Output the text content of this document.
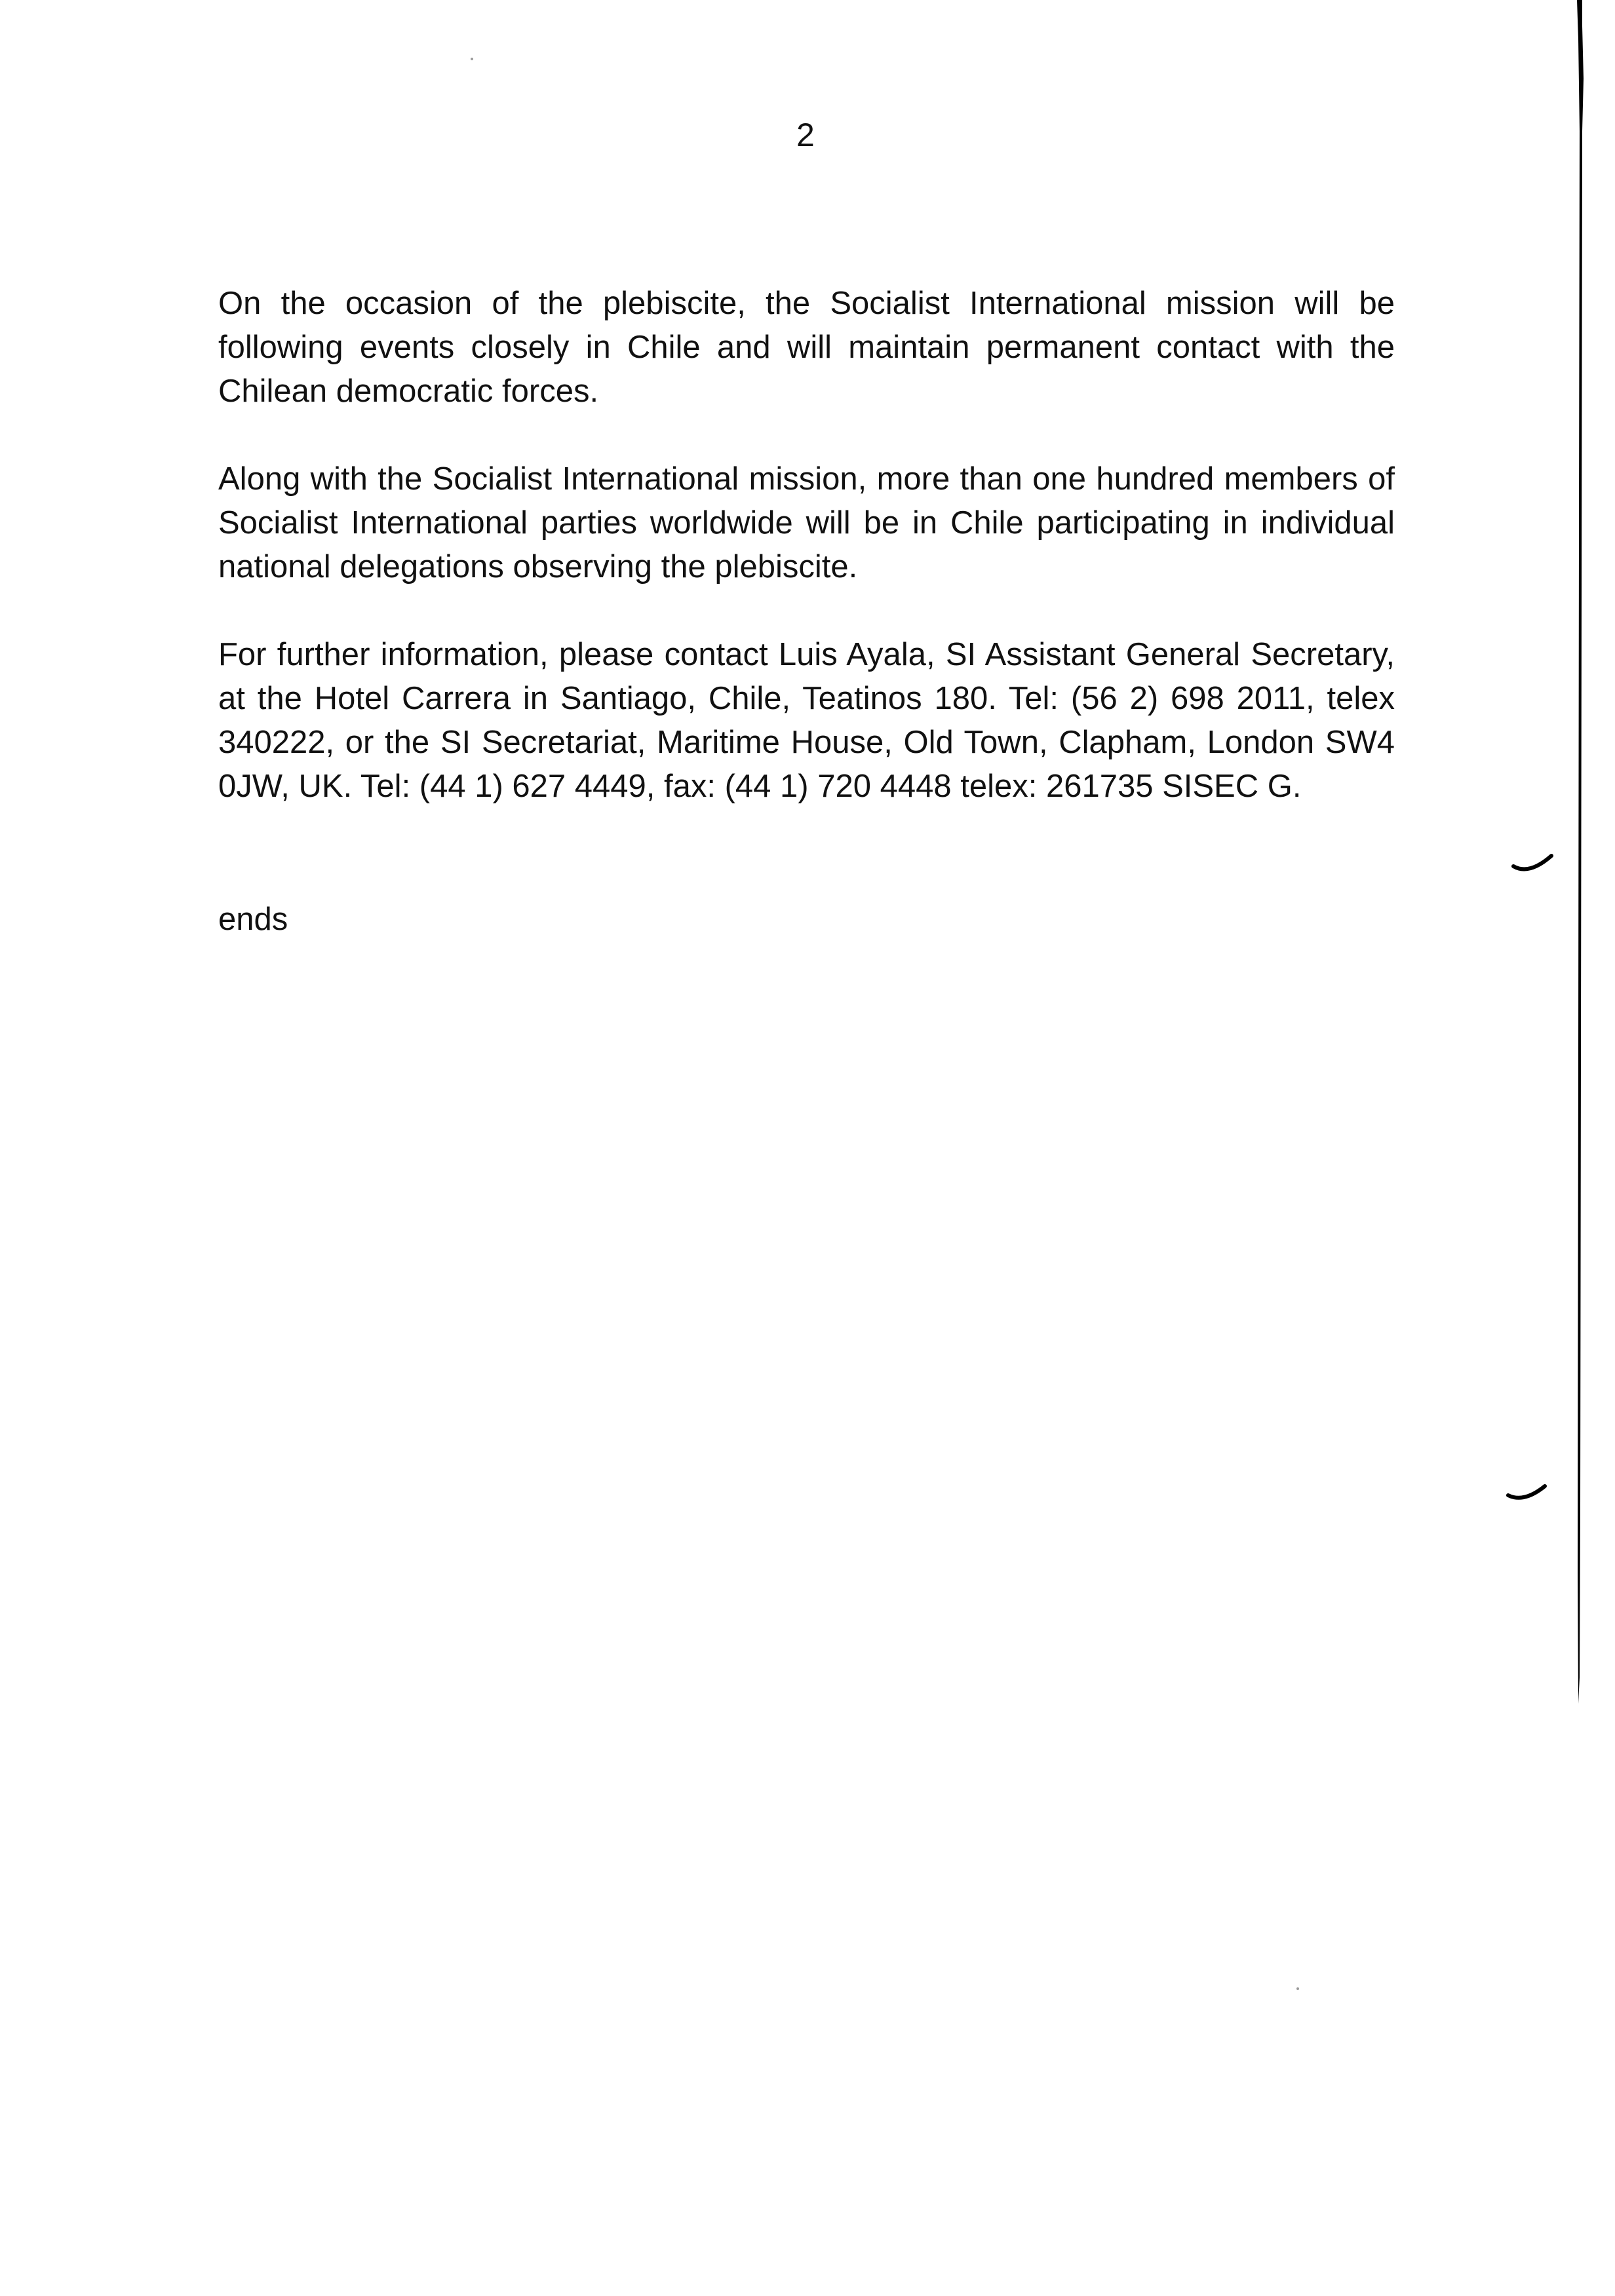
2

On the occasion of the plebiscite, the Socialist International mission will be following events closely in Chile and will maintain permanent contact with the Chilean democratic forces.

Along with the Socialist International mission, more than one hundred members of Socialist International parties worldwide will be in Chile participating in individual national delegations observing the plebiscite.

For further information, please contact Luis Ayala, SI Assistant General Secretary, at the Hotel Carrera in Santiago, Chile, Teatinos 180. Tel: (56 2) 698 2011, telex 340222, or the SI Secretariat, Maritime House, Old Town, Clapham, London SW4 0JW, UK. Tel: (44 1) 627 4449, fax: (44 1) 720 4448 telex: 261735 SISEC G.

ends
